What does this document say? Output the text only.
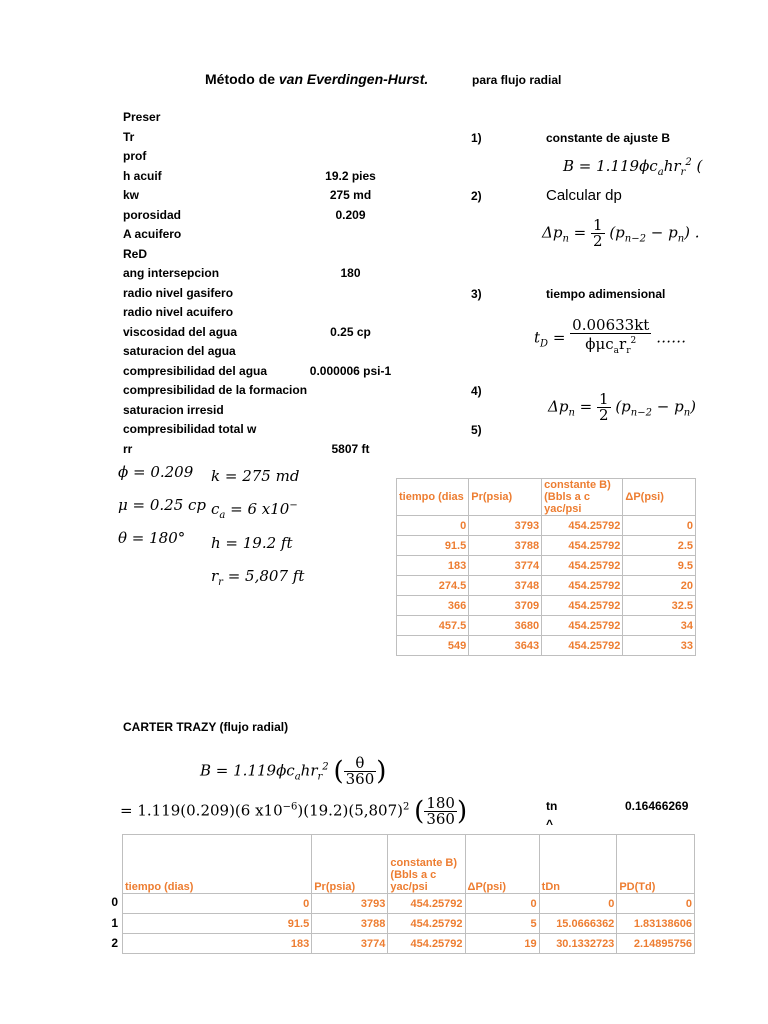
Método de van Everdingen-Hurst.	para flujo radial
Preser
Tr
prof
h acuif	19.2 pies
kw	275 md
porosidad	0.209
A acuifero
ReD
ang intersepcion	180
radio nivel gasifero
radio nivel acuifero
viscosidad del agua	0.25 cp
saturacion del agua
compresibilidad del agua	0.000006 psi-1
compresibilidad de la formacion
saturacion irresid
compresibilidad total w
rr	5807 ft
1)	constante de ajuste B
$B = 1.119\phi c_ahr_r^2$ (
2)	Calcular dp
$\Delta p_n = \frac{1}{2} (p_{n-2} - p_n)$ .
3)	tiempo adimensional
$t_D = \frac{0.00633kt}{\phi\mu c_ar_r^2}$ ……
4)
$\Delta p_n = \frac{1}{2} (p_{n-2} - p_n)$
5)
ϕ = 0.209
μ = 0.25 cp
θ = 180°
k = 275 md
$c_a = 6$ x10−
h = 19.2 ft
$r_r = 5,807$ ft
tiempo (dias	Pr(psia)	constante B)(Bbls a c yac/psi	ΔP(psi)
0	3793	454.25792	0
91.5	3788	454.25792	2.5
183	3774	454.25792	9.5
274.5	3748	454.25792	20
366	3709	454.25792	32.5
457.5	3680	454.25792	34
549	3643	454.25792	33
CARTER TRAZY (flujo radial)
$B = 1.119\phi c_ahr_r^2$ ( $\frac{\theta}{360}$ )
= 1.119(0.209)(6 $x10^{-6})(19.2)(5,807)^2$ ( $\frac{180}{360}$ )	tn	0.16466269
^
0
1
2
tiempo (dias)	Pr(psia)	constante B)(Bbls a c yac/psi	ΔP(psi)	tDn	PD(Td)
0	3793	454.25792	0	0	0
91.5	3788	454.25792	5	15.0666362	1.83138606
183	3774	454.25792	19	30.1332723	2.14895756
